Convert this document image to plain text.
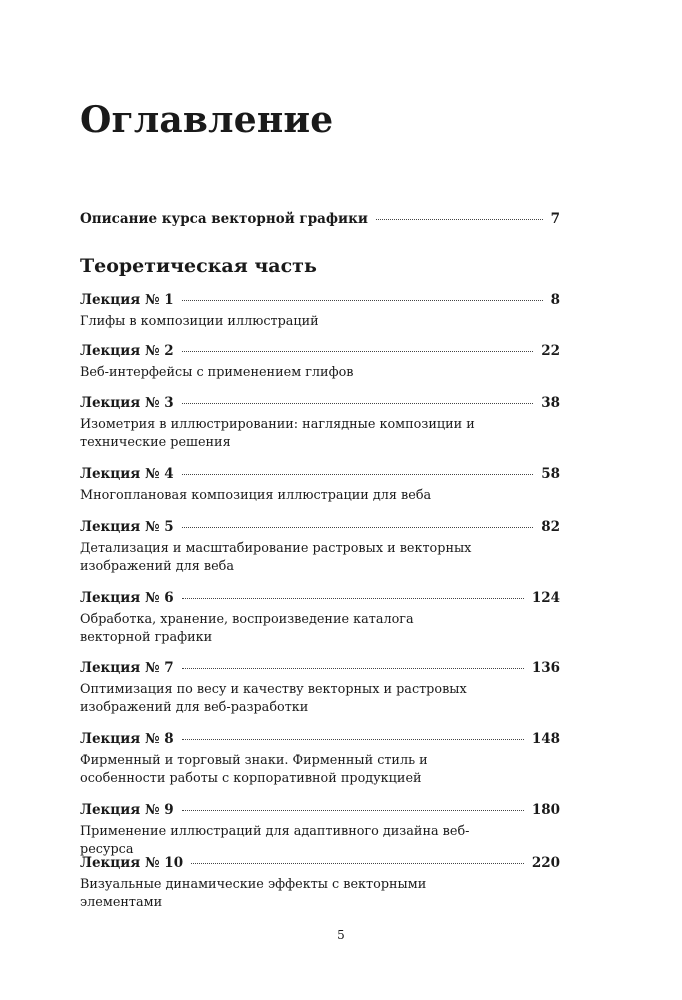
Оглавление
Описание курса векторной графики	7
Теоретическая часть
Лекция № 1	8
Глифы в композиции иллюстраций
Лекция № 2	22
Веб-интерфейсы с применением глифов
Лекция № 3	38
Изометрия в иллюстрировании: наглядные композиции и технические решения
Лекция № 4	58
Многоплановая композиция иллюстрации для веба
Лекция № 5	82
Детализация и масштабирование растровых и векторных изображений для веба
Лекция № 6	124
Обработка, хранение, воспроизведение каталога векторной графики
Лекция № 7	136
Оптимизация по весу и качеству векторных и растровых изображений для веб-разработки
Лекция № 8	148
Фирменный и торговый знаки. Фирменный стиль и особенности работы с корпоративной продукцией
Лекция № 9	180
Применение иллюстраций для адаптивного дизайна веб-ресурса
Лекция № 10	220
Визуальные динамические эффекты с векторными элементами
5
